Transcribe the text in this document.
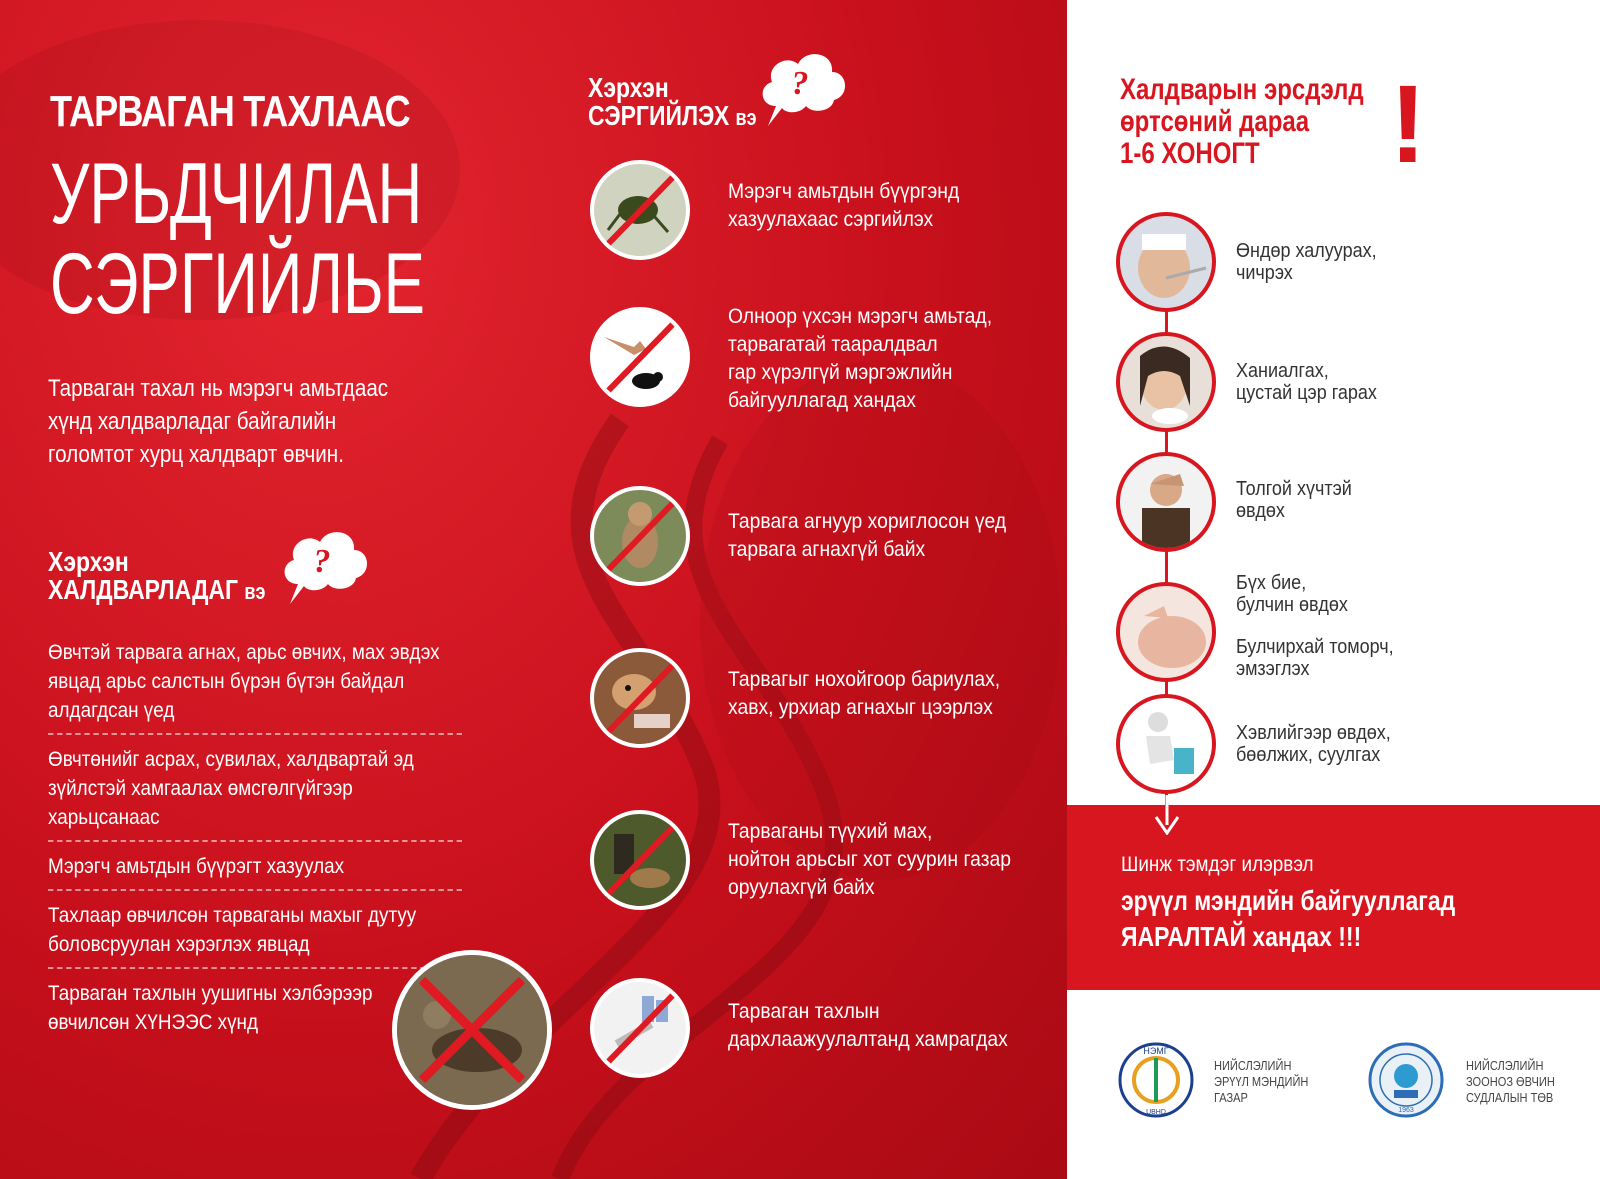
ТАРВАГАН ТАХЛААС
УРЬДЧИЛАН
СЭРГИЙЛЬЕ

Тарваган тахал нь мэрэгч амьтдаас хүнд халдварладаг байгалийн голомтот хурц халдварт өвчин.

Хэрхэн
ХАЛДВАРЛАДАГ вэ
?
Өвчтэй тарвага агнах, арьс өвчих, мах эвдэх явцад арьс салстын бүрэн бүтэн байдал алдагдсан үед
Өвчтөнийг асрах, сувилах, халдвартай эд зүйлстэй хамгаалах өмсгөлгүйгээр харьцсанаас
Мэрэгч амьтдын бүүрэгт хазуулах
Тахлаар өвчилсөн тарваганы махыг дутуу боловсруулан хэрэглэх явцад
Тарваган тахлын уушигны хэлбэрээр өвчилсөн ХҮНЭЭС хүнд
Хэрхэн
СЭРГИЙЛЭХ вэ
?
Мэрэгч амьтдын бүүргэнд
хазуулахаас сэргийлэх
Олноор үхсэн мэрэгч амьтад,
тарвагатай тааралдвал
гар хүрэлгүй мэргэжлийн
байгууллагад хандах
Тарвага агнуур хориглосон үед
тарвага агнахгүй байх
Тарвагыг нохойгоор бариулах,
хавх, урхиар агнахыг цээрлэх
Тарваганы түүхий мах,
нойтон арьсыг хот суурин газар
оруулахгүй байх
Тарваган тахлын
дархлаажуулалтанд хамрагдах
Халдварын эрсдэлд
өртсөний дараа
1-6 ХОНОГТ	!
Өндөр халуурах,
чичрэх
Ханиалгах,
цустай цэр гарах
Толгой хүчтэй
өвдөх
Бүх бие,
булчин өвдөх
Булчирхай томорч,
эмзэглэх
Хэвлийгээр өвдөх,
бөөлжих, суулгах
Шинж тэмдэг илэрвэл
эрүүл мэндийн байгууллагад
ЯАРАЛТАЙ хандах !!!
НЭМГ
UBHD
НИЙСЛЭЛИЙН
ЭРҮҮЛ МЭНДИЙН
ГАЗАР
1963
НИЙСЛЭЛИЙН
ЗООНОЗ ӨВЧИН
СУДЛАЛЫН ТӨВ
